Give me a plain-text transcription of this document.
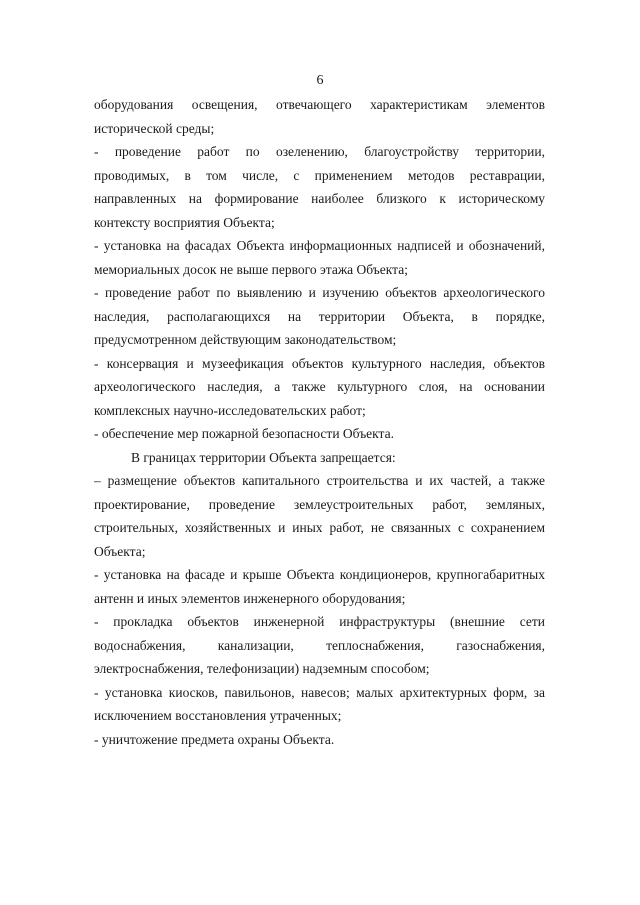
6

оборудования освещения, отвечающего характеристикам элементов исторической среды;

- проведение работ по озеленению, благоустройству территории, проводимых, в том числе, с применением методов реставрации, направленных на формирование наиболее близкого к историческому контексту восприятия Объекта;

- установка на фасадах Объекта информационных надписей и обозначений, мемориальных досок не выше первого этажа Объекта;

- проведение работ по выявлению и изучению объектов археологического наследия, располагающихся на территории Объекта, в порядке, предусмотренном действующим законодательством;

- консервация и музеефикация объектов культурного наследия, объектов археологического наследия, а также культурного слоя, на основании комплексных научно-исследовательских работ;

- обеспечение мер пожарной безопасности Объекта.

В границах территории Объекта запрещается:

– размещение объектов капитального строительства и их частей, а также проектирование, проведение землеустроительных работ, земляных, строительных, хозяйственных и иных работ, не связанных с сохранением Объекта;

- установка на фасаде и крыше Объекта кондиционеров, крупногабаритных антенн и иных элементов инженерного оборудования;

- прокладка объектов инженерной инфраструктуры (внешние сети водоснабжения, канализации, теплоснабжения, газоснабжения, электроснабжения, телефонизации) надземным способом;

- установка киосков, павильонов, навесов; малых архитектурных форм, за исключением восстановления утраченных;

- уничтожение предмета охраны Объекта.
